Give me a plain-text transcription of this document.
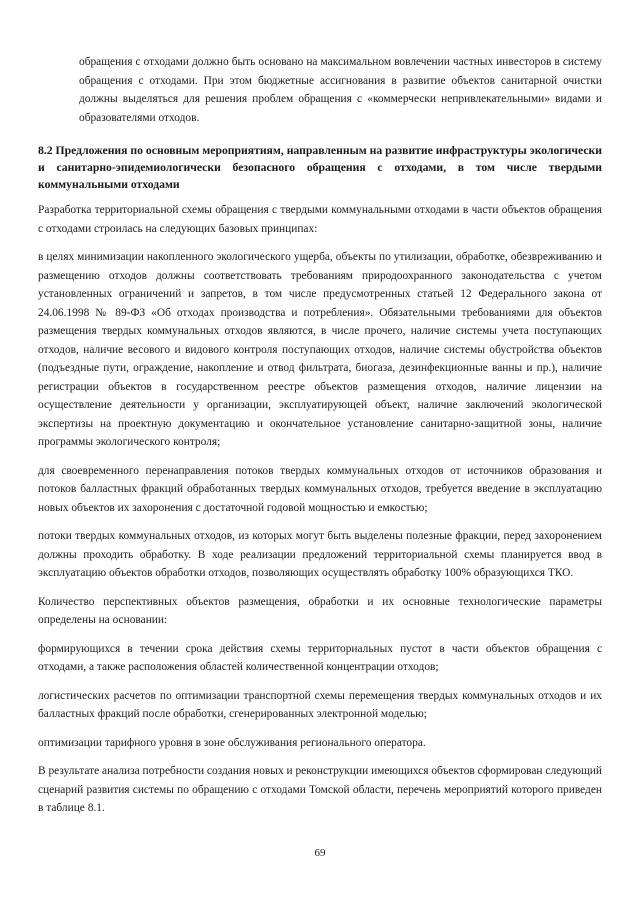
обращения с отходами должно быть основано на максимальном вовлечении частных инвесторов в систему обращения с отходами. При этом бюджетные ассигнования в развитие объектов санитарной очистки должны выделяться для решения проблем обращения с «коммерчески непривлекательными» видами и образователями отходов.

8.2 Предложения по основным мероприятиям, направленным на развитие инфраструктуры экологически и санитарно-эпидемиологически безопасного обращения с отходами, в том числе твердыми коммунальными отходами

Разработка территориальной схемы обращения с твердыми коммунальными отходами в части объектов обращения с отходами строилась на следующих базовых принципах:

в целях минимизации накопленного экологического ущерба, объекты по утилизации, обработке, обезвреживанию и размещению отходов должны соответствовать требованиям природоохранного законодательства с учетом установленных ограничений и запретов, в том числе предусмотренных статьей 12 Федерального закона от 24.06.1998 № 89-ФЗ «Об отходах производства и потребления». Обязательными требованиями для объектов размещения твердых коммунальных отходов являются, в числе прочего, наличие системы учета поступающих отходов, наличие весового и видового контроля поступающих отходов, наличие системы обустройства объектов (подъездные пути, ограждение, накопление и отвод фильтрата, биогаза, дезинфекционные ванны и пр.), наличие регистрации объектов в государственном реестре объектов размещения отходов, наличие лицензии на осуществление деятельности у организации, эксплуатирующей объект, наличие заключений экологической экспертизы на проектную документацию и окончательное установление санитарно-защитной зоны, наличие программы экологического контроля;

для своевременного перенаправления потоков твердых коммунальных отходов от источников образования и потоков балластных фракций обработанных твердых коммунальных отходов, требуется введение в эксплуатацию новых объектов их захоронения с достаточной годовой мощностью и емкостью;

потоки твердых коммунальных отходов, из которых могут быть выделены полезные фракции, перед захоронением должны проходить обработку. В ходе реализации предложений территориальной схемы планируется ввод в эксплуатацию объектов обработки отходов, позволяющих осуществлять обработку 100% образующихся ТКО.

Количество перспективных объектов размещения, обработки и их основные технологические параметры определены на основании:

формирующихся в течении срока действия схемы территориальных пустот в части объектов обращения с отходами, а также расположения областей количественной концентрации отходов;

логистических расчетов по оптимизации транспортной схемы перемещения твердых коммунальных отходов и их балластных фракций после обработки, сгенерированных электронной моделью;

оптимизации тарифного уровня в зоне обслуживания регионального оператора.

В результате анализа потребности создания новых и реконструкции имеющихся объектов сформирован следующий сценарий развития системы по обращению с отходами Томской области, перечень мероприятий которого приведен в таблице 8.1.

69
